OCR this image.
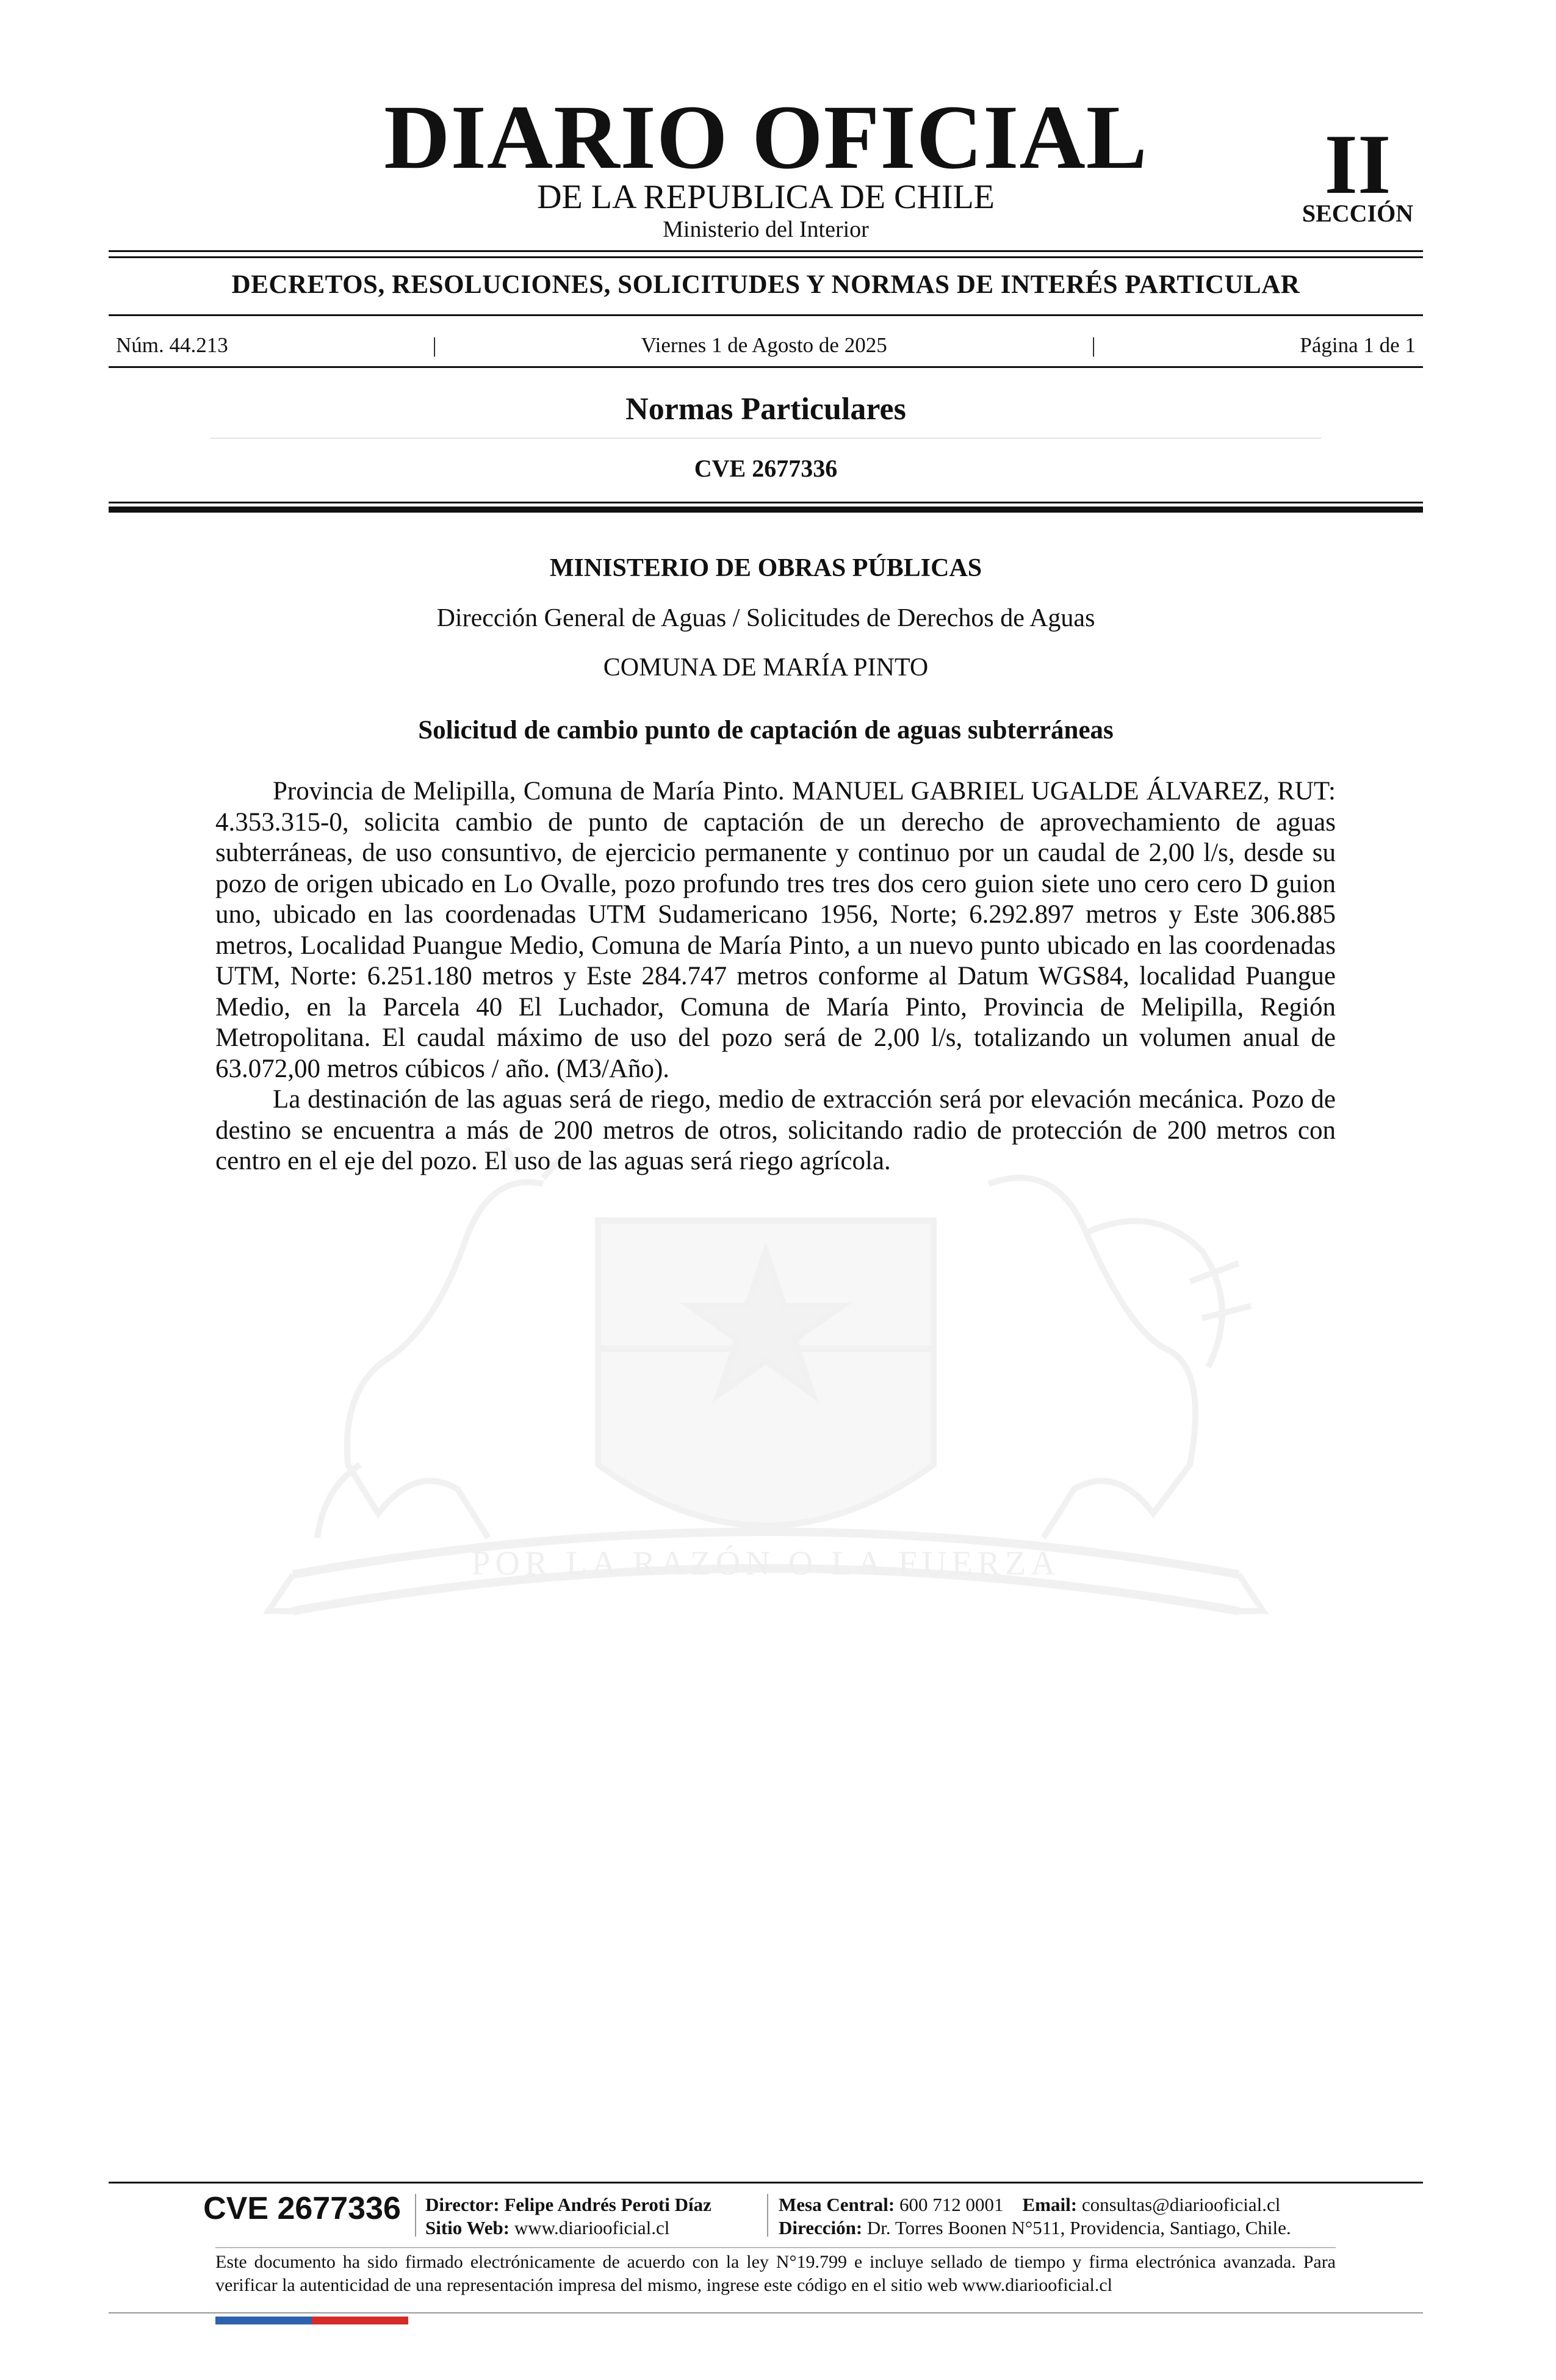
DIARIO OFICIAL
DE LA REPUBLICA DE CHILE
Ministerio del Interior
II
SECCIÓN
DECRETOS, RESOLUCIONES, SOLICITUDES Y NORMAS DE INTERÉS PARTICULAR
Núm. 44.213	|	Viernes 1 de Agosto de 2025	|	Página 1 de 1
Normas Particulares
CVE 2677336
POR LA RAZÓN O LA FUERZA
MINISTERIO DE OBRAS PÚBLICAS
Dirección General de Aguas / Solicitudes de Derechos de Aguas
COMUNA DE MARÍA PINTO
Solicitud de cambio punto de captación de aguas subterráneas

Provincia de Melipilla, Comuna de María Pinto. MANUEL GABRIEL UGALDE ÁLVAREZ, RUT: 4.353.315-0, solicita cambio de punto de captación de un derecho de aprovechamiento de aguas subterráneas, de uso consuntivo, de ejercicio permanente y continuo por un caudal de 2,00 l/s, desde su pozo de origen ubicado en Lo Ovalle, pozo profundo tres tres dos cero guion siete uno cero cero D guion uno, ubicado en las coordenadas UTM Sudamericano 1956, Norte; 6.292.897 metros y Este 306.885 metros, Localidad Puangue Medio, Comuna de María Pinto, a un nuevo punto ubicado en las coordenadas UTM, Norte: 6.251.180 metros y Este 284.747 metros conforme al Datum WGS84, localidad Puangue Medio, en la Parcela 40 El Luchador, Comuna de María Pinto, Provincia de Melipilla, Región Metropolitana. El caudal máximo de uso del pozo será de 2,00 l/s, totalizando un volumen anual de 63.072,00 metros cúbicos / año. (M3/Año).

La destinación de las aguas será de riego, medio de extracción será por elevación mecánica. Pozo de destino se encuentra a más de 200 metros de otros, solicitando radio de protección de 200 metros con centro en el eje del pozo. El uso de las aguas será riego agrícola.

CVE 2677336 Director: Felipe Andrés Peroti Díaz
Sitio Web: www.diariooficial.cl
Mesa Central: 600 712 0001 Email: consultas@diariooficial.cl
Dirección: Dr. Torres Boonen N°511, Providencia, Santiago, Chile.
Este documento ha sido firmado electrónicamente de acuerdo con la ley N°19.799 e incluye sellado de tiempo y firma electrónica avanzada. Para verificar la autenticidad de una representación impresa del mismo, ingrese este código en el sitio web www.diariooficial.cl
